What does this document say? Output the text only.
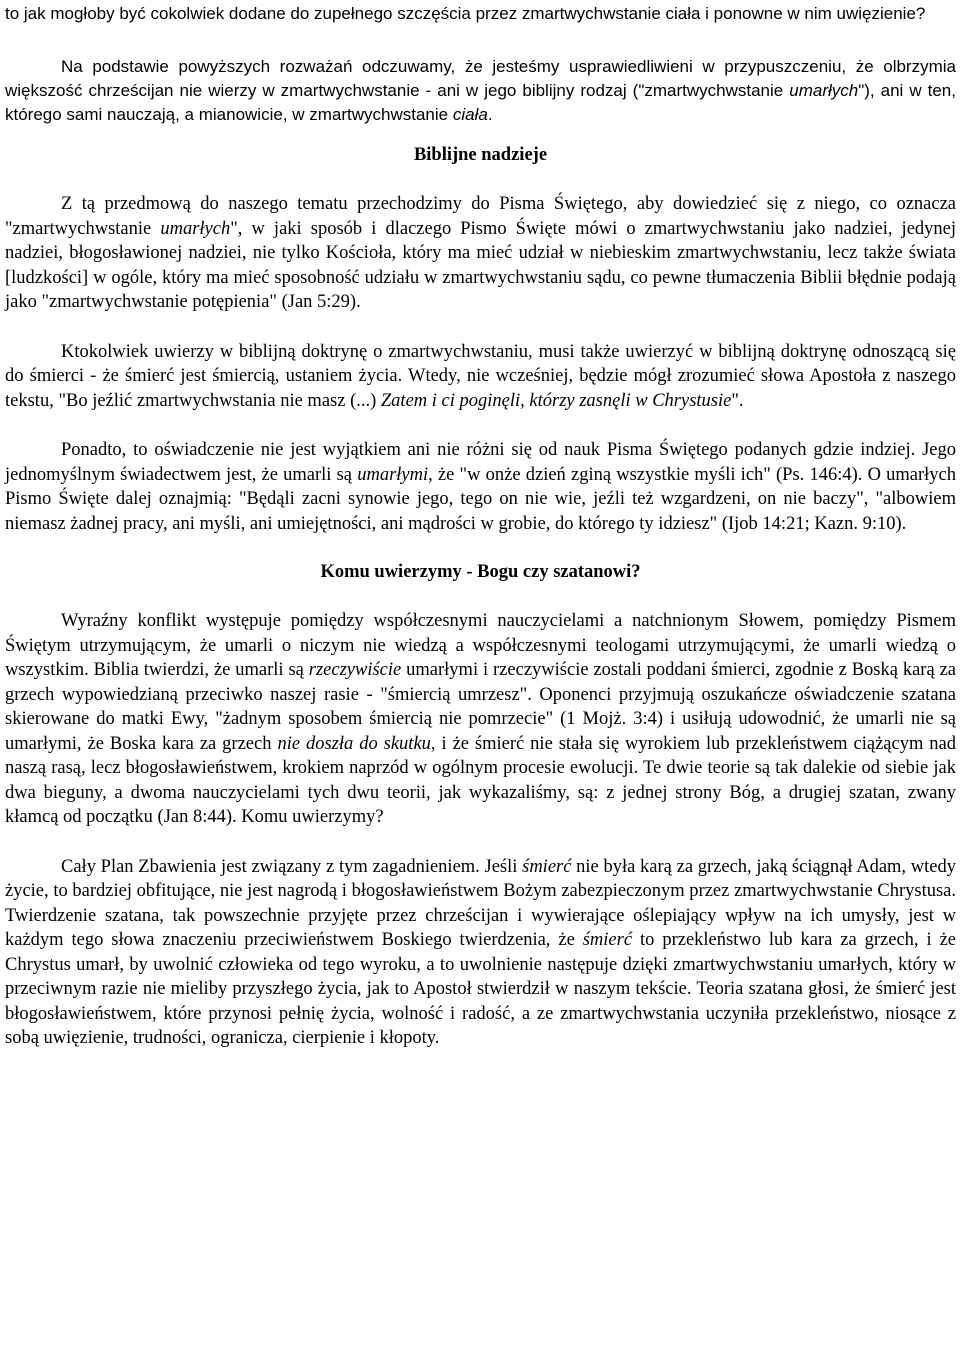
to jak mogłoby być cokolwiek dodane do zupełnego szczęścia przez zmartwychwstanie ciała i ponowne w nim uwięzienie?

Na podstawie powyższych rozważań odczuwamy, że jesteśmy usprawiedliwieni w przypuszczeniu, że olbrzymia większość chrześcijan nie wierzy w zmartwychwstanie - ani w jego biblijny rodzaj ("zmartwychwstanie umarłych"), ani w ten, którego sami nauczają, a mianowicie, w zmartwychwstanie ciała.

Biblijne nadzieje

Z tą przedmową do naszego tematu przechodzimy do Pisma Świętego, aby dowiedzieć się z niego, co oznacza "zmartwychwstanie umarłych", w jaki sposób i dlaczego Pismo Święte mówi o zmartwychwstaniu jako nadziei, jedynej nadziei, błogosławionej nadziei, nie tylko Kościoła, który ma mieć udział w niebieskim zmartwychwstaniu, lecz także świata [ludzkości] w ogóle, który ma mieć sposobność udziału w zmartwychwstaniu sądu, co pewne tłumaczenia Biblii błędnie podają jako "zmartwychwstanie potępienia" (Jan 5:29).

Ktokolwiek uwierzy w biblijną doktrynę o zmartwychwstaniu, musi także uwierzyć w biblijną doktrynę odnoszącą się do śmierci - że śmierć jest śmiercią, ustaniem życia. Wtedy, nie wcześniej, będzie mógł zrozumieć słowa Apostoła z naszego tekstu, "Bo jeźlić zmartwychwstania nie masz (...) Zatem i ci poginęli, którzy zasnęli w Chrystusie".

Ponadto, to oświadczenie nie jest wyjątkiem ani nie różni się od nauk Pisma Świętego podanych gdzie indziej. Jego jednomyślnym świadectwem jest, że umarli są umarłymi, że "w onże dzień zginą wszystkie myśli ich" (Ps. 146:4). O umarłych Pismo Święte dalej oznajmią: "Będąli zacni synowie jego, tego on nie wie, jeźli też wzgardzeni, on nie baczy", "albowiem niemasz żadnej pracy, ani myśli, ani umiejętności, ani mądrości w grobie, do którego ty idziesz" (Ijob 14:21; Kazn. 9:10).

Komu uwierzymy - Bogu czy szatanowi?

Wyraźny konflikt występuje pomiędzy współczesnymi nauczycielami a natchnionym Słowem, pomiędzy Pismem Świętym utrzymującym, że umarli o niczym nie wiedzą a współczesnymi teologami utrzymującymi, że umarli wiedzą o wszystkim. Biblia twierdzi, że umarli są rzeczywiście umarłymi i rzeczywiście zostali poddani śmierci, zgodnie z Boską karą za grzech wypowiedzianą przeciwko naszej rasie - "śmiercią umrzesz". Oponenci przyjmują oszukańcze oświadczenie szatana skierowane do matki Ewy, "żadnym sposobem śmiercią nie pomrzecie" (1 Mojż. 3:4) i usiłują udowodnić, że umarli nie są umarłymi, że Boska kara za grzech nie doszła do skutku, i że śmierć nie stała się wyrokiem lub przekleństwem ciążącym nad naszą rasą, lecz błogosławieństwem, krokiem naprzód w ogólnym procesie ewolucji. Te dwie teorie są tak dalekie od siebie jak dwa bieguny, a dwoma nauczycielami tych dwu teorii, jak wykazaliśmy, są: z jednej strony Bóg, a drugiej szatan, zwany kłamcą od początku (Jan 8:44). Komu uwierzymy?

Cały Plan Zbawienia jest związany z tym zagadnieniem. Jeśli śmierć nie była karą za grzech, jaką ściągnął Adam, wtedy życie, to bardziej obfitujące, nie jest nagrodą i błogosławieństwem Bożym zabezpieczonym przez zmartwychwstanie Chrystusa. Twierdzenie szatana, tak powszechnie przyjęte przez chrześcijan i wywierające oślepiający wpływ na ich umysły, jest w każdym tego słowa znaczeniu przeciwieństwem Boskiego twierdzenia, że śmierć to przekleństwo lub kara za grzech, i że Chrystus umarł, by uwolnić człowieka od tego wyroku, a to uwolnienie następuje dzięki zmartwychwstaniu umarłych, który w przeciwnym razie nie mieliby przyszłego życia, jak to Apostoł stwierdził w naszym tekście. Teoria szatana głosi, że śmierć jest błogosławieństwem, które przynosi pełnię życia, wolność i radość, a ze zmartwychwstania uczyniła przekleństwo, niosące z sobą uwięzienie, trudności, ogranicza, cierpienie i kłopoty.
